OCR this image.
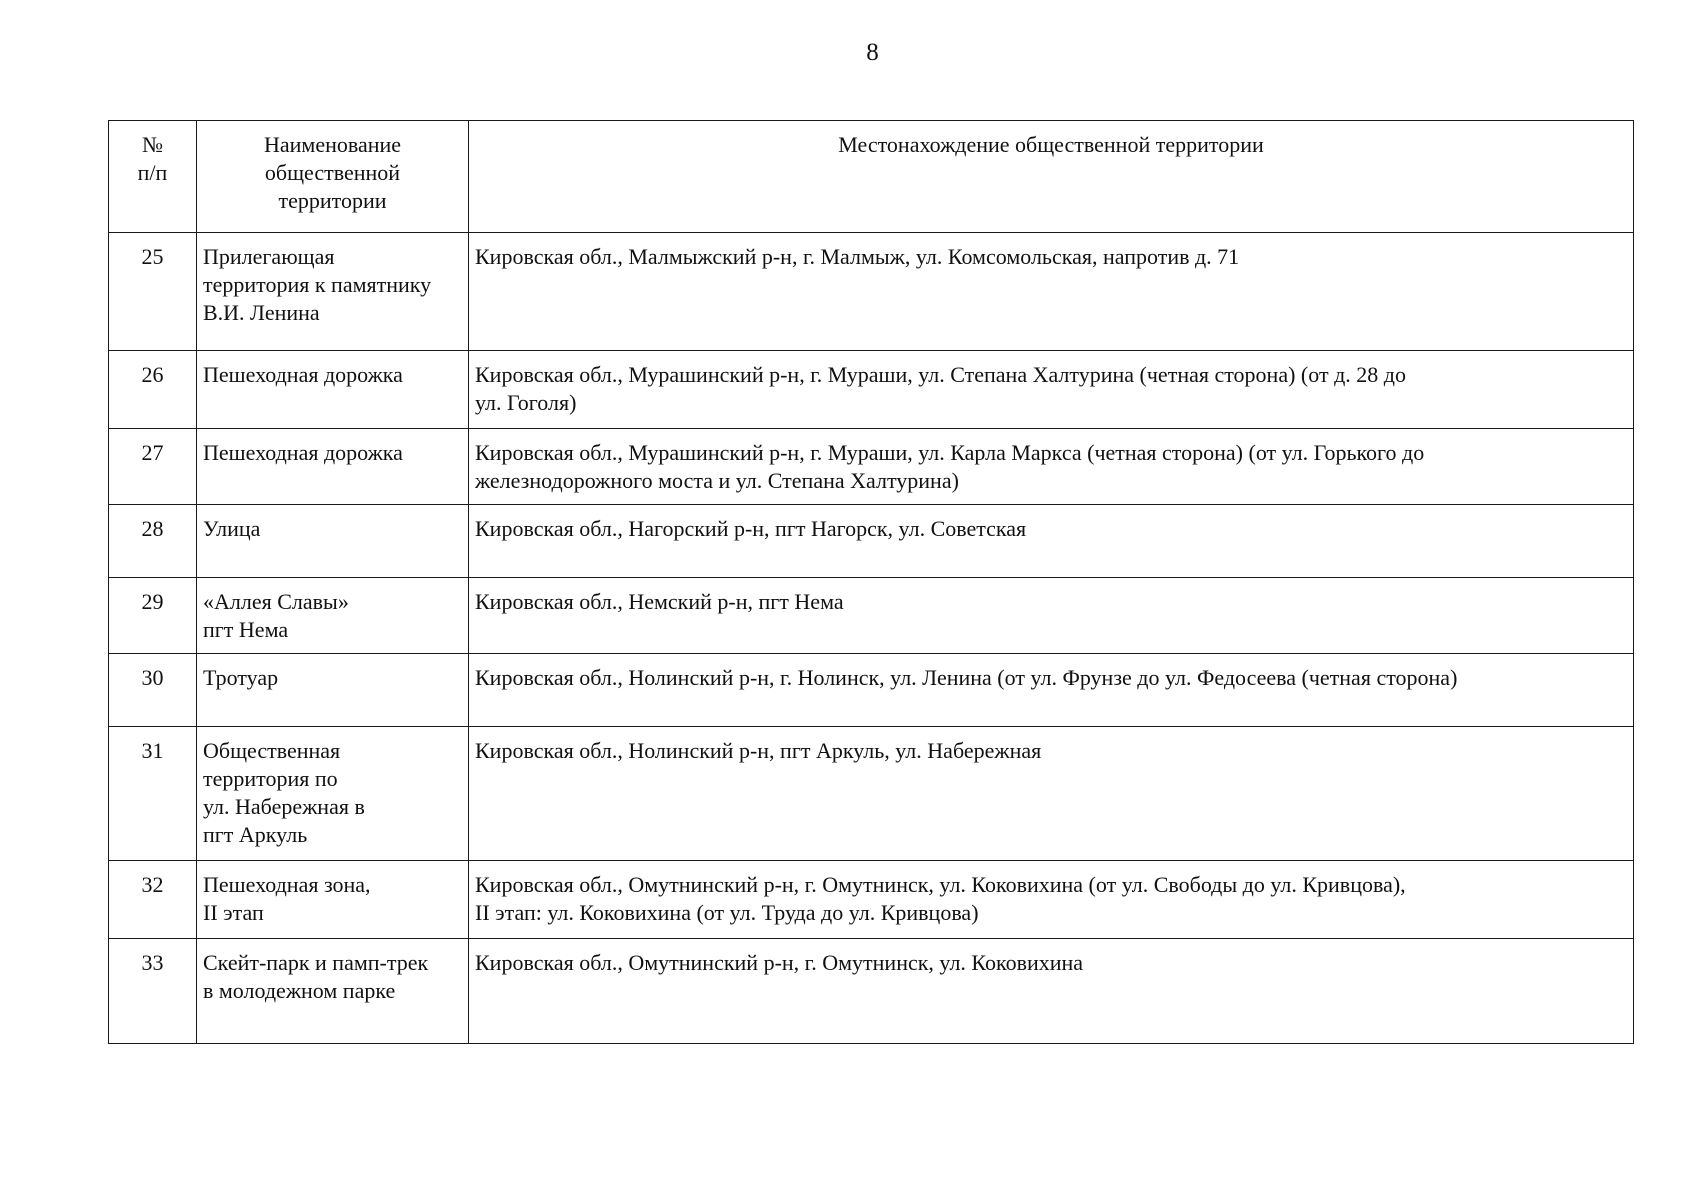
8
№
п/п	Наименование
общественной
территории	Местонахождение общественной территории

25	Прилегающая
территория к памятнику
В.И. Ленина	Кировская обл., Малмыжский р-н, г. Малмыж, ул. Комсомольская, напротив д. 71

26	Пешеходная дорожка	Кировская обл., Мурашинский р-н, г. Мураши, ул. Степана Халтурина (четная сторона) (от д. 28 до
ул. Гоголя)

27	Пешеходная дорожка	Кировская обл., Мурашинский р-н, г. Мураши, ул. Карла Маркса (четная сторона) (от ул. Горького до
железнодорожного моста и ул. Степана Халтурина)

28	Улица	Кировская обл., Нагорский р-н, пгт Нагорск, ул. Советская

29	«Аллея Славы»
пгт Нема	Кировская обл., Немский р-н, пгт Нема

30	Тротуар	Кировская обл., Нолинский р-н, г. Нолинск, ул. Ленина (от ул. Фрунзе до ул. Федосеева (четная сторона)

31	Общественная
территория по
ул. Набережная в
пгт Аркуль	Кировская обл., Нолинский р-н, пгт Аркуль, ул. Набережная

32	Пешеходная зона,
II этап	Кировская обл., Омутнинский р-н, г. Омутнинск, ул. Коковихина (от ул. Свободы до ул. Кривцова),
II этап: ул. Коковихина (от ул. Труда до ул. Кривцова)

33	Скейт-парк и памп-трек
в молодежном парке	Кировская обл., Омутнинский р-н, г. Омутнинск, ул. Коковихина
